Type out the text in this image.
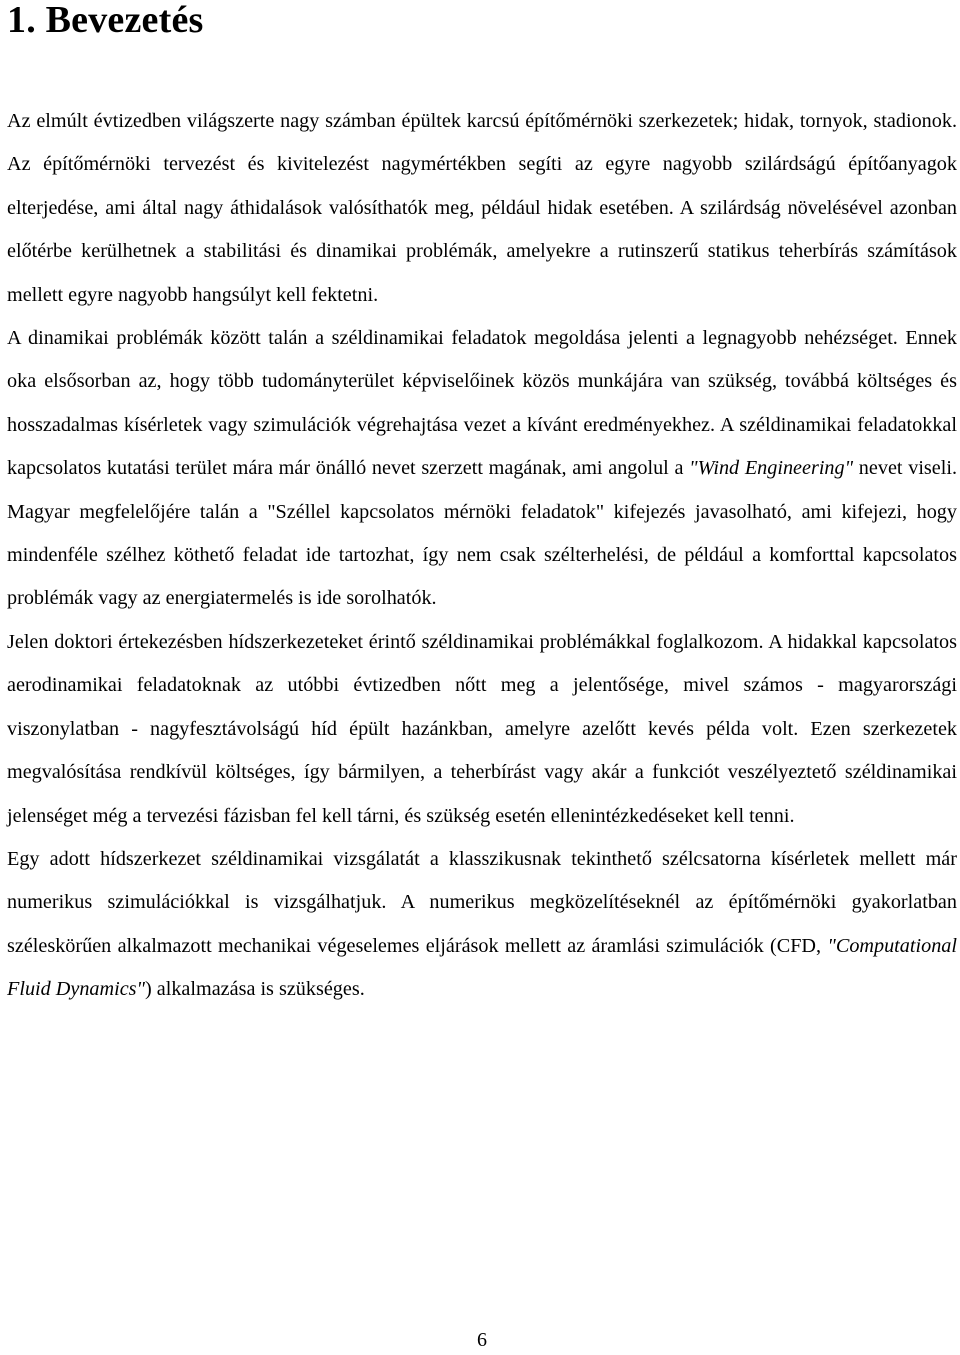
1. Bevezetés

Az elmúlt évtizedben világszerte nagy számban épültek karcsú építőmérnöki szerkezetek; hidak, tornyok, stadionok. Az építőmérnöki tervezést és kivitelezést nagymértékben segíti az egyre nagyobb szilárdságú építőanyagok elterjedése, ami által nagy áthidalások valósíthatók meg, például hidak esetében. A szilárdság növelésével azonban előtérbe kerülhetnek a stabilitási és dinamikai problémák, amelyekre a rutinszerű statikus teherbírás számítások mellett egyre nagyobb hangsúlyt kell fektetni.

A dinamikai problémák között talán a széldinamikai feladatok megoldása jelenti a legnagyobb nehézséget. Ennek oka elsősorban az, hogy több tudományterület képviselőinek közös munkájára van szükség, továbbá költséges és hosszadalmas kísérletek vagy szimulációk végrehajtása vezet a kívánt eredményekhez. A széldinamikai feladatokkal kapcsolatos kutatási terület mára már önálló nevet szerzett magának, ami angolul a "Wind Engineering" nevet viseli. Magyar megfelelőjére talán a "Széllel kapcsolatos mérnöki feladatok" kifejezés javasolható, ami kifejezi, hogy mindenféle szélhez köthető feladat ide tartozhat, így nem csak szélterhelési, de például a komforttal kapcsolatos problémák vagy az energiatermelés is ide sorolhatók.

Jelen doktori értekezésben hídszerkezeteket érintő széldinamikai problémákkal foglalkozom. A hidakkal kapcsolatos aerodinamikai feladatoknak az utóbbi évtizedben nőtt meg a jelentősége, mivel számos - magyarországi viszonylatban - nagyfesztávolságú híd épült hazánkban, amelyre azelőtt kevés példa volt. Ezen szerkezetek megvalósítása rendkívül költséges, így bármilyen, a teherbírást vagy akár a funkciót veszélyeztető széldinamikai jelenséget még a tervezési fázisban fel kell tárni, és szükség esetén ellenintézkedéseket kell tenni.

Egy adott hídszerkezet széldinamikai vizsgálatát a klasszikusnak tekinthető szélcsatorna kísérletek mellett már numerikus szimulációkkal is vizsgálhatjuk. A numerikus megközelítéseknél az építőmérnöki gyakorlatban széleskörűen alkalmazott mechanikai végeselemes eljárások mellett az áramlási szimulációk (CFD, "Computational Fluid Dynamics") alkalmazása is szükséges.

6
